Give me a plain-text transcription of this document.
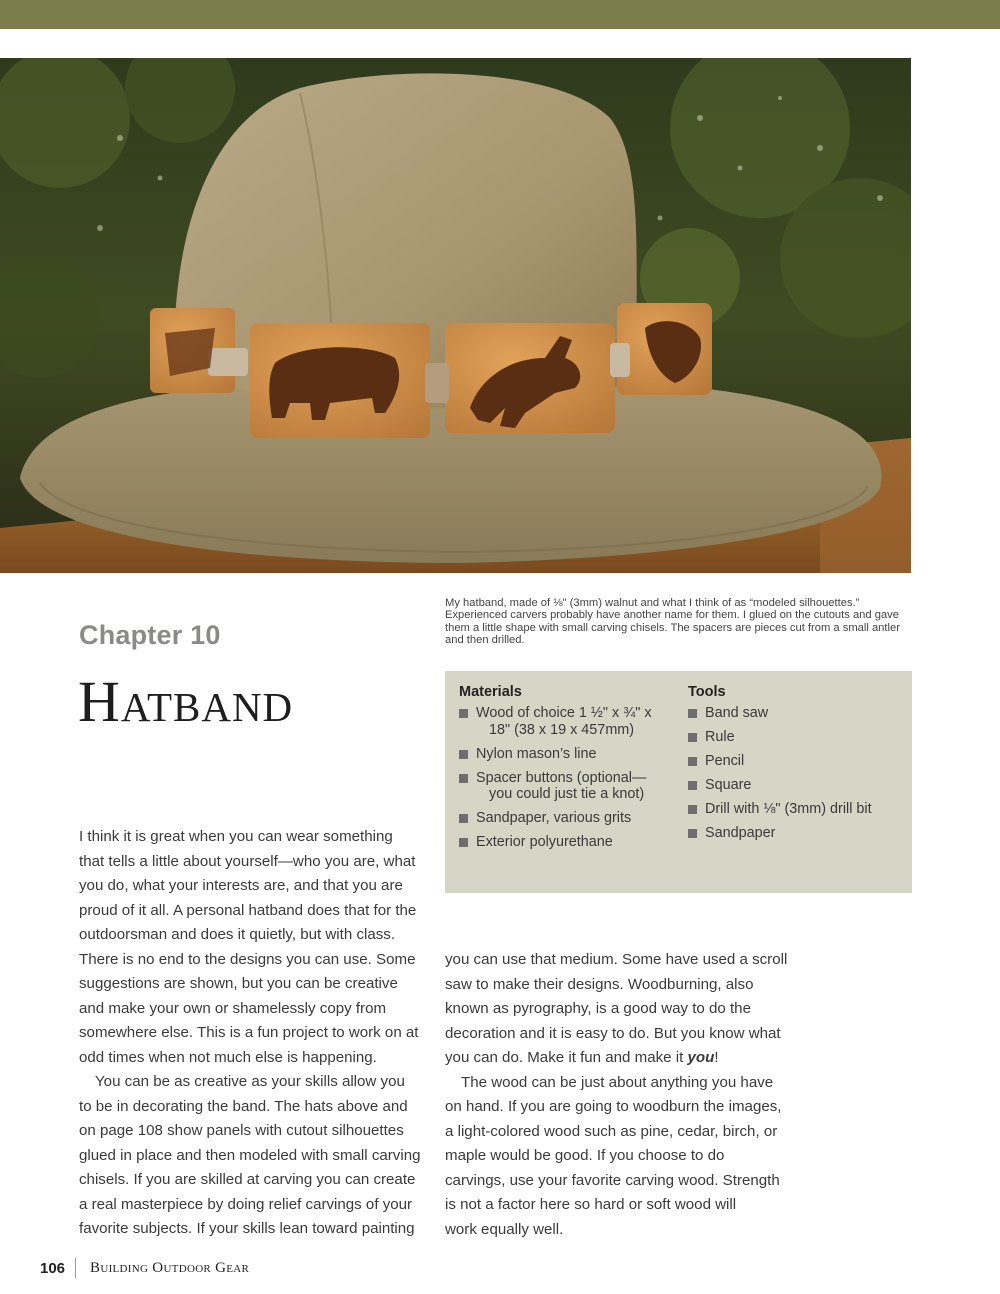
My hatband, made of ⅛" (3mm) walnut and what I think of as “modeled silhouettes.” Experienced carvers probably have another name for them. I glued on the cutouts and gave them a little shape with small carving chisels. The spacers are pieces cut from a small antler and then drilled.
Chapter 10
Hatband	Materials
Wood of choice 1 ½" x ¾" x

18" (38 x 19 x 457mm)
Nylon mason’s line
Spacer buttons (optional—

you could just tie a knot)
Sandpaper, various grits
Exterior polyurethane
Tools
Band saw
Rule
Pencil
Square
Drill with ⅛" (3mm) drill bit
Sandpaper
I think it is great when you can wear something
that tells a little about yourself—who you are, what
you do, what your interests are, and that you are
proud of it all. A personal hatband does that for the
outdoorsman and does it quietly, but with class.
There is no end to the designs you can use. Some
suggestions are shown, but you can be creative
and make your own or shamelessly copy from
somewhere else. This is a fun project to work on at
odd times when not much else is happening.
You can be as creative as your skills allow you
to be in decorating the band. The hats above and
on page 108 show panels with cutout silhouettes
glued in place and then modeled with small carving
chisels. If you are skilled at carving you can create
a real masterpiece by doing relief carvings of your
favorite subjects. If your skills lean toward painting
you can use that medium. Some have used a scroll
saw to make their designs. Woodburning, also
known as pyrography, is a good way to do the
decoration and it is easy to do. But you know what
you can do. Make it fun and make it you!
The wood can be just about anything you have
on hand. If you are going to woodburn the images,
a light-colored wood such as pine, cedar, birch, or
maple would be good. If you choose to do
carvings, use your favorite carving wood. Strength
is not a factor here so hard or soft wood will
work equally well.
106 Building Outdoor Gear
